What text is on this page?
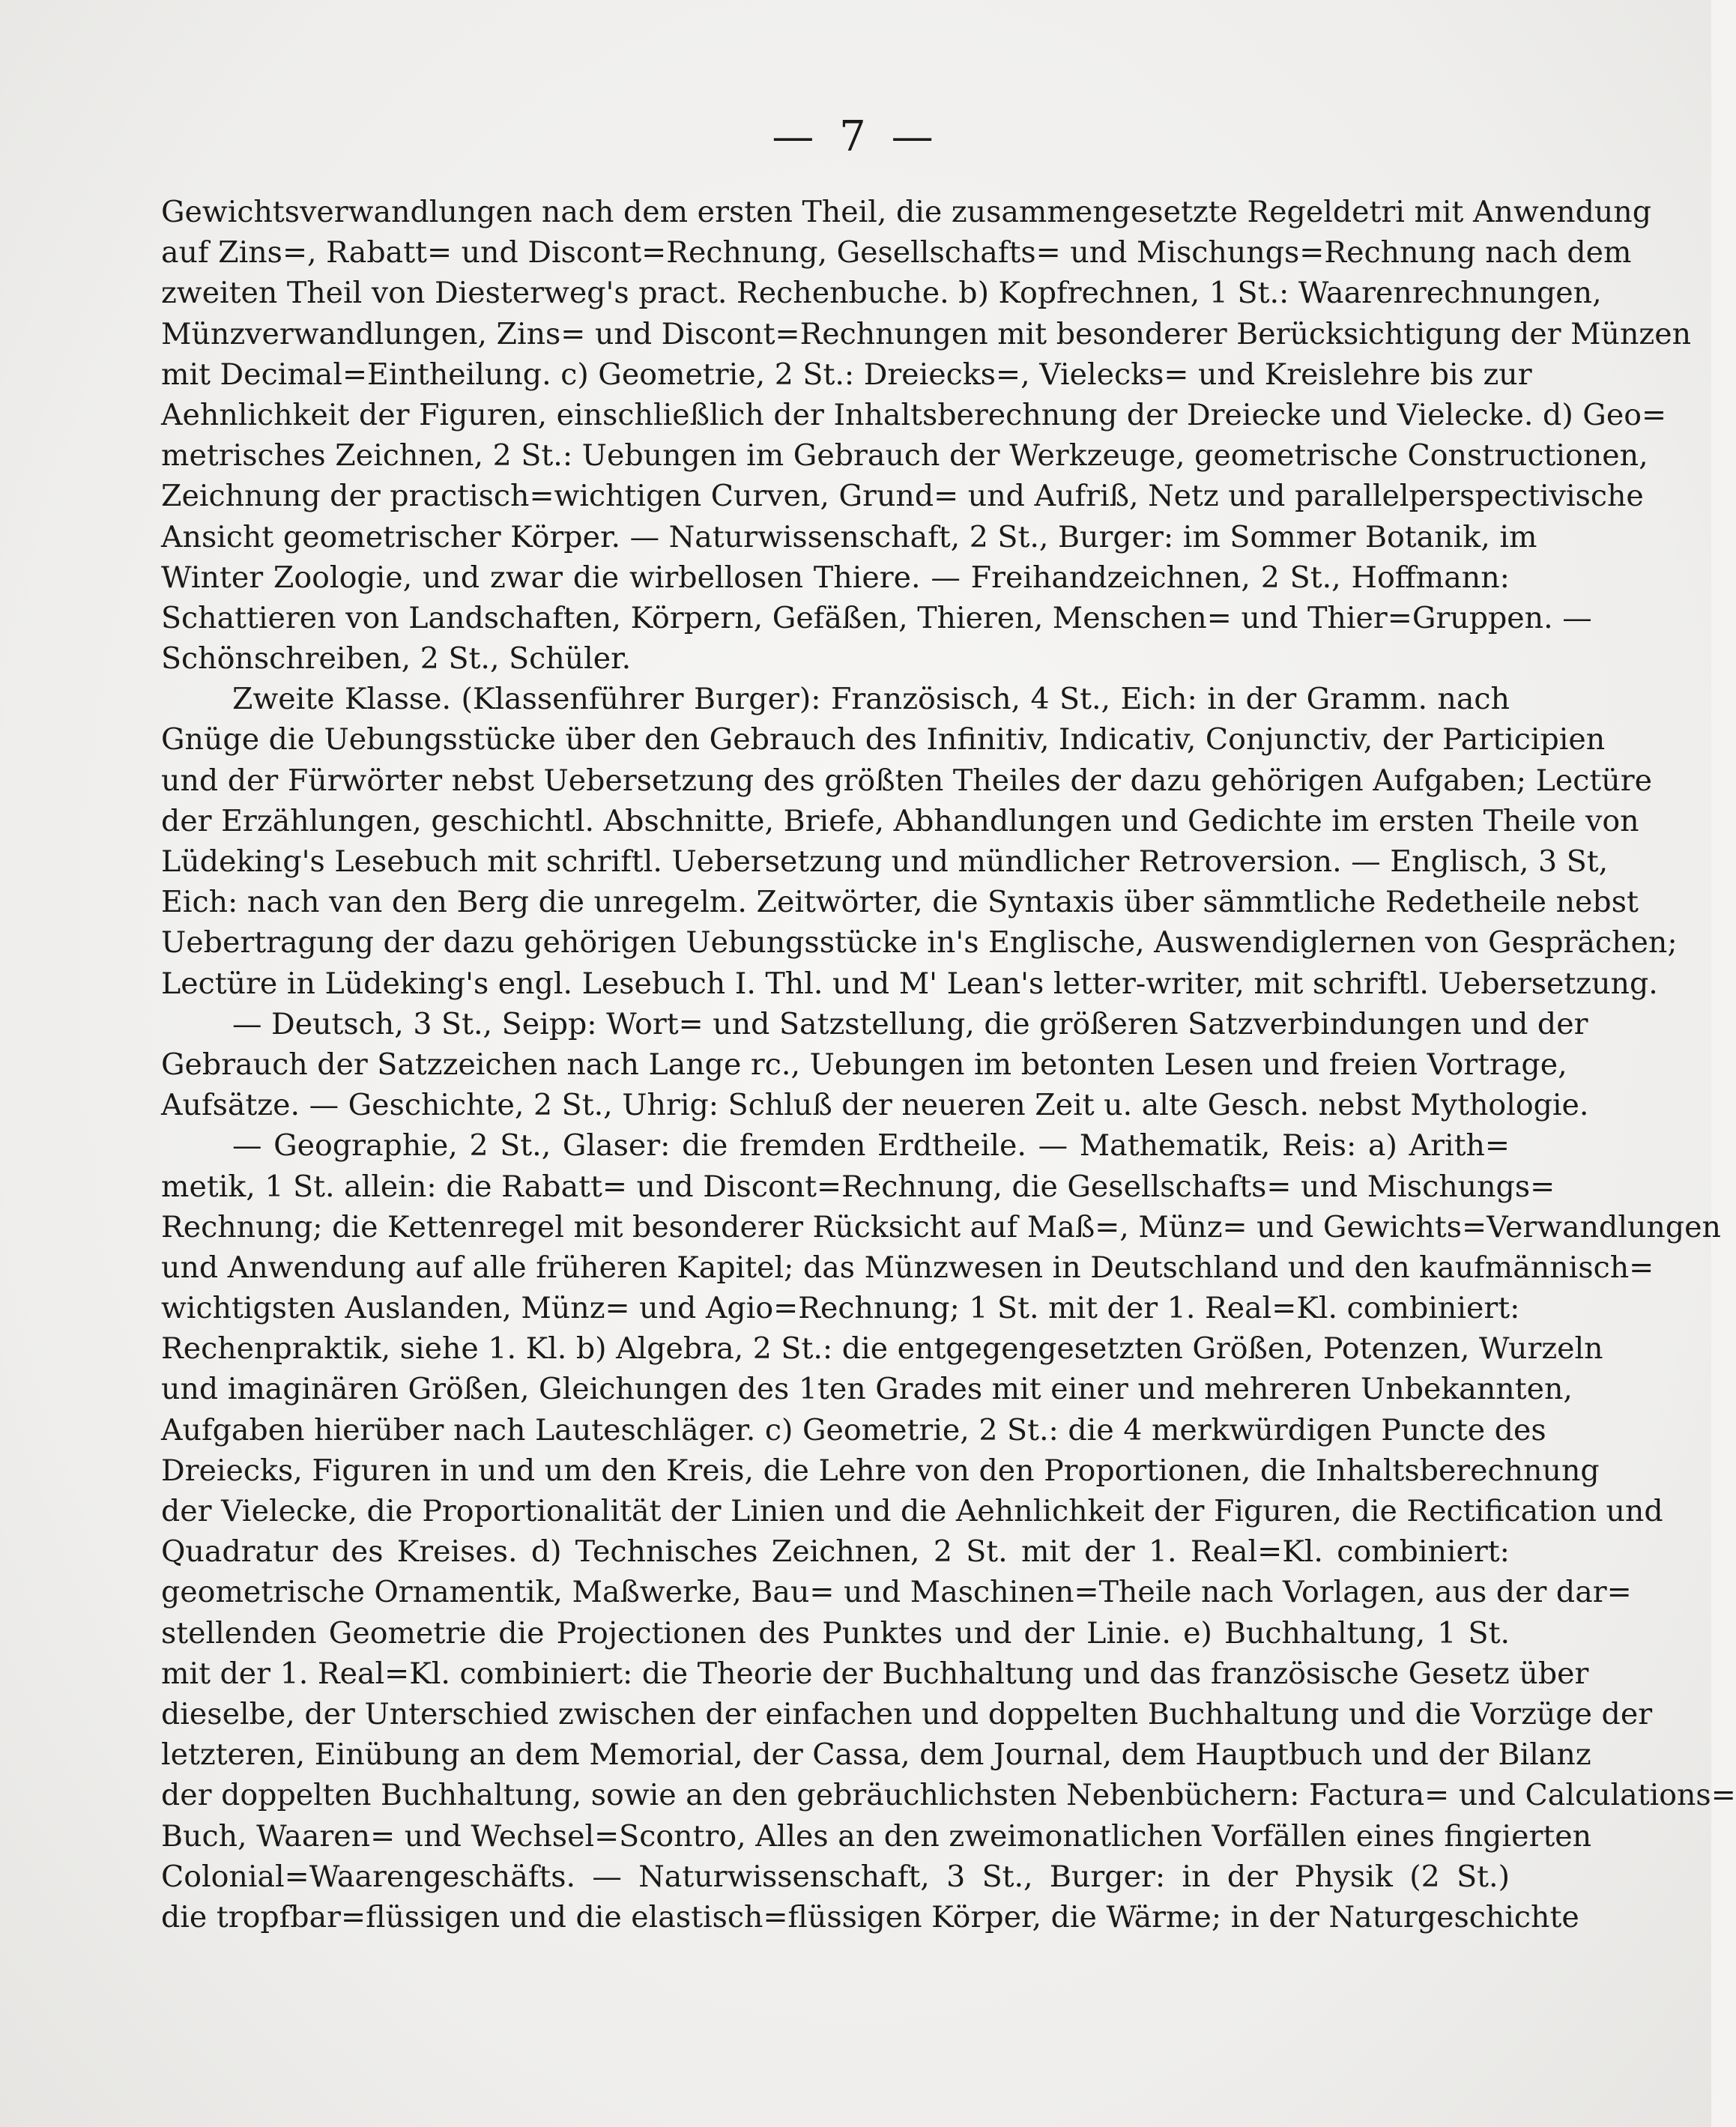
— 7 —
Gewichtsverwandlungen nach dem ersten Theil, die zusammengesetzte Regeldetri mit Anwendung
auf Zins=, Rabatt= und Discont=Rechnung, Gesellschafts= und Mischungs=Rechnung nach dem
zweiten Theil von Diesterweg's pract. Rechenbuche. b) Kopfrechnen, 1 St.: Waarenrechnungen,
Münzverwandlungen, Zins= und Discont=Rechnungen mit besonderer Berücksichtigung der Münzen
mit Decimal=Eintheilung. c) Geometrie, 2 St.: Dreiecks=, Vielecks= und Kreislehre bis zur
Aehnlichkeit der Figuren, einschließlich der Inhaltsberechnung der Dreiecke und Vielecke. d) Geo=
metrisches Zeichnen, 2 St.: Uebungen im Gebrauch der Werkzeuge, geometrische Constructionen,
Zeichnung der practisch=wichtigen Curven, Grund= und Aufriß, Netz und parallelperspectivische
Ansicht geometrischer Körper. — Naturwissenschaft, 2 St., Burger: im Sommer Botanik, im
Winter Zoologie, und zwar die wirbellosen Thiere. — Freihandzeichnen, 2 St., Hoffmann:
Schattieren von Landschaften, Körpern, Gefäßen, Thieren, Menschen= und Thier=Gruppen. —
Schönschreiben, 2 St., Schüler.
Zweite Klasse. (Klassenführer Burger): Französisch, 4 St., Eich: in der Gramm. nach
Gnüge die Uebungsstücke über den Gebrauch des Infinitiv, Indicativ, Conjunctiv, der Participien
und der Fürwörter nebst Uebersetzung des größten Theiles der dazu gehörigen Aufgaben; Lectüre
der Erzählungen, geschichtl. Abschnitte, Briefe, Abhandlungen und Gedichte im ersten Theile von
Lüdeking's Lesebuch mit schriftl. Uebersetzung und mündlicher Retroversion. — Englisch, 3 St,
Eich: nach van den Berg die unregelm. Zeitwörter, die Syntaxis über sämmtliche Redetheile nebst
Uebertragung der dazu gehörigen Uebungsstücke in's Englische, Auswendiglernen von Gesprächen;
Lectüre in Lüdeking's engl. Lesebuch I. Thl. und M' Lean's letter-writer, mit schriftl. Uebersetzung.
— Deutsch, 3 St., Seipp: Wort= und Satzstellung, die größeren Satzverbindungen und der
Gebrauch der Satzzeichen nach Lange rc., Uebungen im betonten Lesen und freien Vortrage,
Aufsätze. — Geschichte, 2 St., Uhrig: Schluß der neueren Zeit u. alte Gesch. nebst Mythologie.
— Geographie, 2 St., Glaser: die fremden Erdtheile. — Mathematik, Reis: a) Arith=
metik, 1 St. allein: die Rabatt= und Discont=Rechnung, die Gesellschafts= und Mischungs=
Rechnung; die Kettenregel mit besonderer Rücksicht auf Maß=, Münz= und Gewichts=Verwandlungen
und Anwendung auf alle früheren Kapitel; das Münzwesen in Deutschland und den kaufmännisch=
wichtigsten Auslanden, Münz= und Agio=Rechnung; 1 St. mit der 1. Real=Kl. combiniert:
Rechenpraktik, siehe 1. Kl. b) Algebra, 2 St.: die entgegengesetzten Größen, Potenzen, Wurzeln
und imaginären Größen, Gleichungen des 1ten Grades mit einer und mehreren Unbekannten,
Aufgaben hierüber nach Lauteschläger. c) Geometrie, 2 St.: die 4 merkwürdigen Puncte des
Dreiecks, Figuren in und um den Kreis, die Lehre von den Proportionen, die Inhaltsberechnung
der Vielecke, die Proportionalität der Linien und die Aehnlichkeit der Figuren, die Rectification und
Quadratur des Kreises. d) Technisches Zeichnen, 2 St. mit der 1. Real=Kl. combiniert:
geometrische Ornamentik, Maßwerke, Bau= und Maschinen=Theile nach Vorlagen, aus der dar=
stellenden Geometrie die Projectionen des Punktes und der Linie. e) Buchhaltung, 1 St.
mit der 1. Real=Kl. combiniert: die Theorie der Buchhaltung und das französische Gesetz über
dieselbe, der Unterschied zwischen der einfachen und doppelten Buchhaltung und die Vorzüge der
letzteren, Einübung an dem Memorial, der Cassa, dem Journal, dem Hauptbuch und der Bilanz
der doppelten Buchhaltung, sowie an den gebräuchlichsten Nebenbüchern: Factura= und Calculations=
Buch, Waaren= und Wechsel=Scontro, Alles an den zweimonatlichen Vorfällen eines fingierten
Colonial=Waarengeschäfts. — Naturwissenschaft, 3 St., Burger: in der Physik (2 St.)
die tropfbar=flüssigen und die elastisch=flüssigen Körper, die Wärme; in der Naturgeschichte
